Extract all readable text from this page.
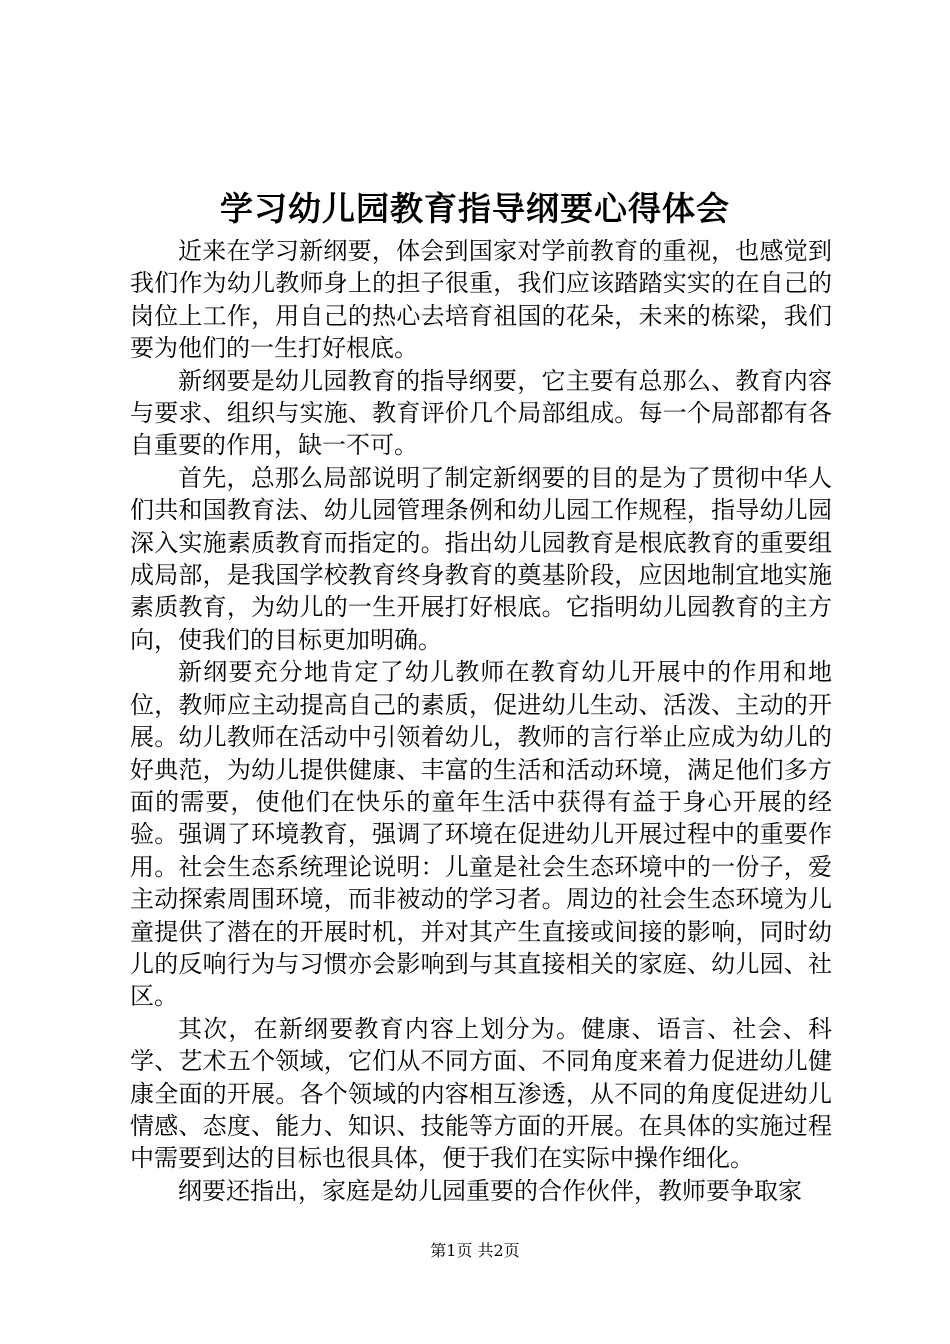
学习幼儿园教育指导纲要心得体会

近来在学习新纲要，体会到国家对学前教育的重视，也感觉到我们作为幼儿教师身上的担子很重，我们应该踏踏实实的在自己的岗位上工作，用自己的热心去培育祖国的花朵，未来的栋梁，我们要为他们的一生打好根底。

新纲要是幼儿园教育的指导纲要，它主要有总那么、教育内容与要求、组织与实施、教育评价几个局部组成。每一个局部都有各自重要的作用，缺一不可。

首先，总那么局部说明了制定新纲要的目的是为了贯彻中华人们共和国教育法、幼儿园管理条例和幼儿园工作规程，指导幼儿园深入实施素质教育而指定的。指出幼儿园教育是根底教育的重要组成局部，是我国学校教育终身教育的奠基阶段，应因地制宜地实施素质教育，为幼儿的一生开展打好根底。它指明幼儿园教育的主方向，使我们的目标更加明确。

新纲要充分地肯定了幼儿教师在教育幼儿开展中的作用和地位，教师应主动提高自己的素质，促进幼儿生动、活泼、主动的开展。幼儿教师在活动中引领着幼儿，教师的言行举止应成为幼儿的好典范，为幼儿提供健康、丰富的生活和活动环境，满足他们多方面的需要，使他们在快乐的童年生活中获得有益于身心开展的经验。强调了环境教育，强调了环境在促进幼儿开展过程中的重要作用。社会生态系统理论说明：儿童是社会生态环境中的一份子，爱主动探索周围环境，而非被动的学习者。周边的社会生态环境为儿童提供了潜在的开展时机，并对其产生直接或间接的影响，同时幼儿的反响行为与习惯亦会影响到与其直接相关的家庭、幼儿园、社区。

其次，在新纲要教育内容上划分为。健康、语言、社会、科学、艺术五个领域，它们从不同方面、不同角度来着力促进幼儿健康全面的开展。各个领域的内容相互渗透，从不同的角度促进幼儿情感、态度、能力、知识、技能等方面的开展。在具体的实施过程中需要到达的目标也很具体，便于我们在实际中操作细化。

纲要还指出，家庭是幼儿园重要的合作伙伴，教师要争取家

第1页 共2页
